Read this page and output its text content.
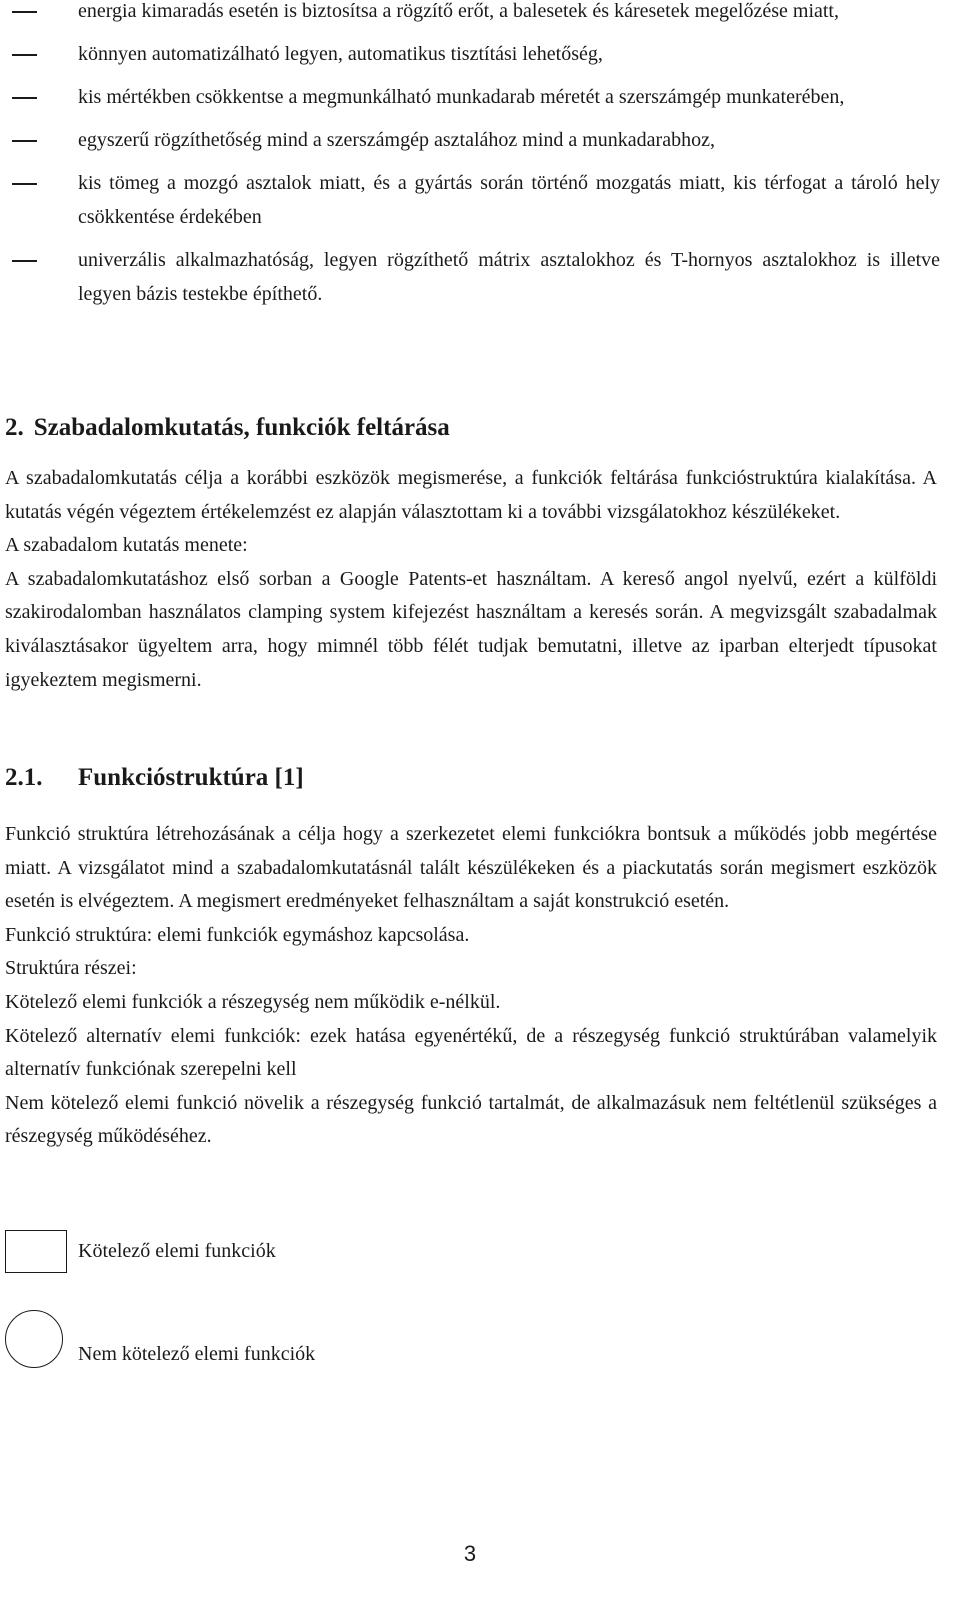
energia kimaradás esetén is biztosítsa a rögzítő erőt, a balesetek és káresetek megelőzése miatt,
könnyen automatizálható legyen, automatikus tisztítási lehetőség,
kis mértékben csökkentse a megmunkálható munkadarab méretét a szerszámgép munkaterében,
egyszerű rögzíthetőség mind a szerszámgép asztalához mind a munkadarabhoz,
kis tömeg a mozgó asztalok miatt, és a gyártás során történő mozgatás miatt, kis térfogat a tároló hely csökkentése érdekében
univerzális alkalmazhatóság, legyen rögzíthető mátrix asztalokhoz és T-hornyos asztalokhoz is illetve legyen bázis testekbe építhető.
2. Szabadalomkutatás, funkciók feltárása

A szabadalomkutatás célja a korábbi eszközök megismerése, a funkciók feltárása funkcióstruktúra kialakítása. A kutatás végén végeztem értékelemzést ez alapján választottam ki a további vizsgálatokhoz készülékeket.

A szabadalom kutatás menete:

A szabadalomkutatáshoz első sorban a Google Patents-et használtam. A kereső angol nyelvű, ezért a külföldi szakirodalomban használatos clamping system kifejezést használtam a keresés során. A megvizsgált szabadalmak kiválasztásakor ügyeltem arra, hogy mimnél több félét tudjak bemutatni, illetve az iparban elterjedt típusokat igyekeztem megismerni.

2.1. Funkcióstruktúra [1]

Funkció struktúra létrehozásának a célja hogy a szerkezetet elemi funkciókra bontsuk a működés jobb megértése miatt. A vizsgálatot mind a szabadalomkutatásnál talált készülékeken és a piackutatás során megismert eszközök esetén is elvégeztem. A megismert eredményeket felhasználtam a saját konstrukció esetén.

Funkció struktúra: elemi funkciók egymáshoz kapcsolása.

Struktúra részei:

Kötelező elemi funkciók a részegység nem működik e-nélkül.

Kötelező alternatív elemi funkciók: ezek hatása egyenértékű, de a részegység funkció struktúrában valamelyik alternatív funkciónak szerepelni kell

Nem kötelező elemi funkció növelik a részegység funkció tartalmát, de alkalmazásuk nem feltétlenül szükséges a részegység működéséhez.

Kötelező elemi funkciók
Nem kötelező elemi funkciók
3
